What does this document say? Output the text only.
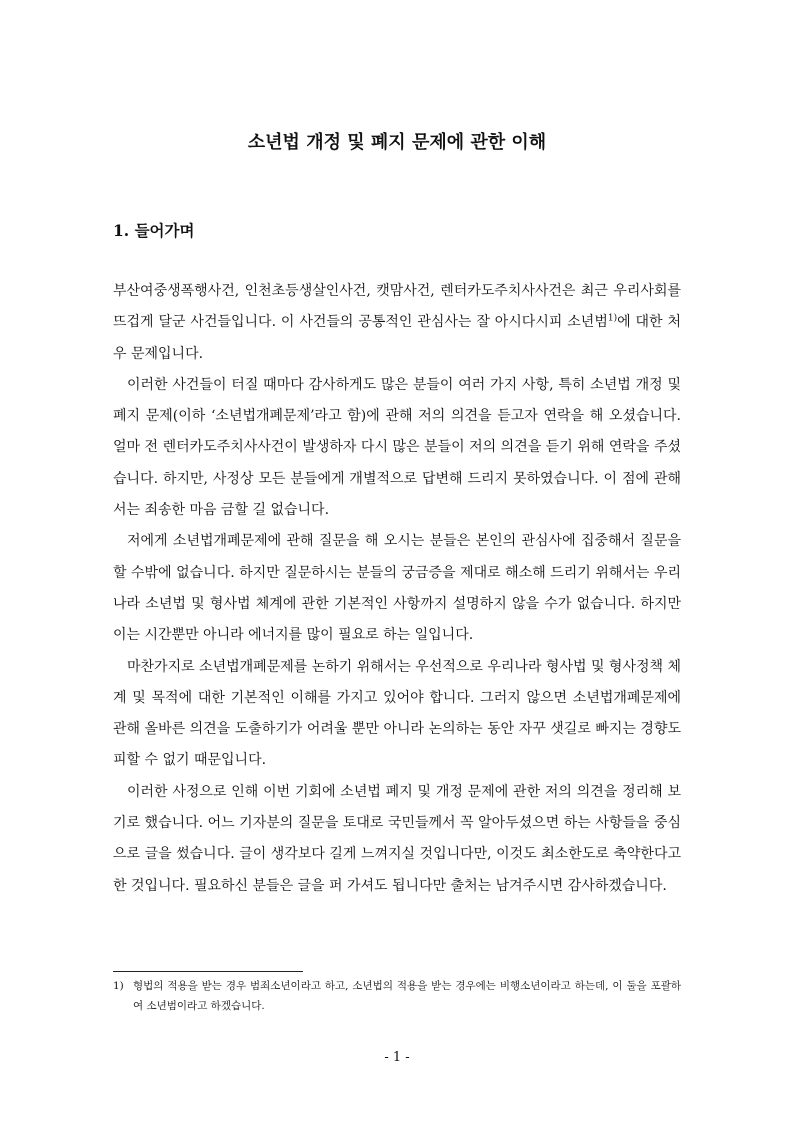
소년법 개정 및 폐지 문제에 관한 이해
1. 들어가며

부산여중생폭행사건, 인천초등생살인사건, 캣맘사건, 렌터카도주치사사건은 최근 우리사회를 뜨겁게 달군 사건들입니다. 이 사건들의 공통적인 관심사는 잘 아시다시피 소년범$^{1)}$에 대한 처우 문제입니다.

이러한 사건들이 터질 때마다 감사하게도 많은 분들이 여러 가지 사항, 특히 소년법 개정 및 폐지 문제(이하 ‘소년법개폐문제’라고 함)에 관해 저의 의견을 듣고자 연락을 해 오셨습니다. 얼마 전 렌터카도주치사사건이 발생하자 다시 많은 분들이 저의 의견을 듣기 위해 연락을 주셨습니다. 하지만, 사정상 모든 분들에게 개별적으로 답변해 드리지 못하였습니다. 이 점에 관해서는 죄송한 마음 금할 길 없습니다.

저에게 소년법개폐문제에 관해 질문을 해 오시는 분들은 본인의 관심사에 집중해서 질문을 할 수밖에 없습니다. 하지만 질문하시는 분들의 궁금증을 제대로 해소해 드리기 위해서는 우리나라 소년법 및 형사법 체계에 관한 기본적인 사항까지 설명하지 않을 수가 없습니다. 하지만 이는 시간뿐만 아니라 에너지를 많이 필요로 하는 일입니다.

마찬가지로 소년법개폐문제를 논하기 위해서는 우선적으로 우리나라 형사법 및 형사정책 체계 및 목적에 대한 기본적인 이해를 가지고 있어야 합니다. 그러지 않으면 소년법개폐문제에 관해 올바른 의견을 도출하기가 어려울 뿐만 아니라 논의하는 동안 자꾸 샛길로 빠지는 경향도 피할 수 없기 때문입니다.

이러한 사정으로 인해 이번 기회에 소년법 폐지 및 개정 문제에 관한 저의 의견을 정리해 보기로 했습니다. 어느 기자분의 질문을 토대로 국민들께서 꼭 알아두셨으면 하는 사항들을 중심으로 글을 썼습니다. 글이 생각보다 길게 느껴지실 것입니다만, 이것도 최소한도로 축약한다고 한 것입니다. 필요하신 분들은 글을 퍼 가셔도 됩니다만 출처는 남겨주시면 감사하겠습니다.

1) 형법의 적용을 받는 경우 범죄소년이라고 하고, 소년법의 적용을 받는 경우에는 비행소년이라고 하는데, 이 둘을 포괄하여 소년범이라고 하겠습니다.
- 1 -
